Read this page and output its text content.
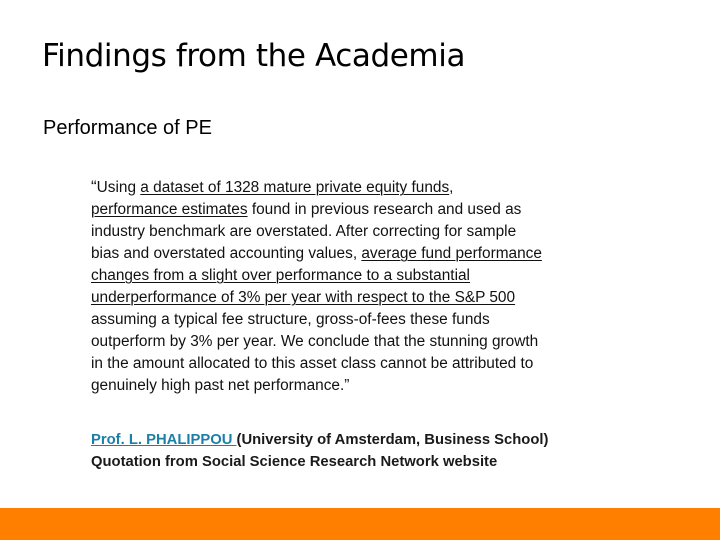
Findings from the Academia
Performance of PE
“Using a dataset of 1328 mature private equity funds,
performance estimates found in previous research and used as
industry benchmark are overstated. After correcting for sample
bias and overstated accounting values, average fund performance
changes from a slight over performance to a substantial
underperformance of 3% per year with respect to the S&P 500
assuming a typical fee structure, gross-of-fees these funds
outperform by 3% per year. We conclude that the stunning growth
in the amount allocated to this asset class cannot be attributed to
genuinely high past net performance.”
Prof. L. PHALIPPOU (University of Amsterdam, Business School)
Quotation from Social Science Research Network website
